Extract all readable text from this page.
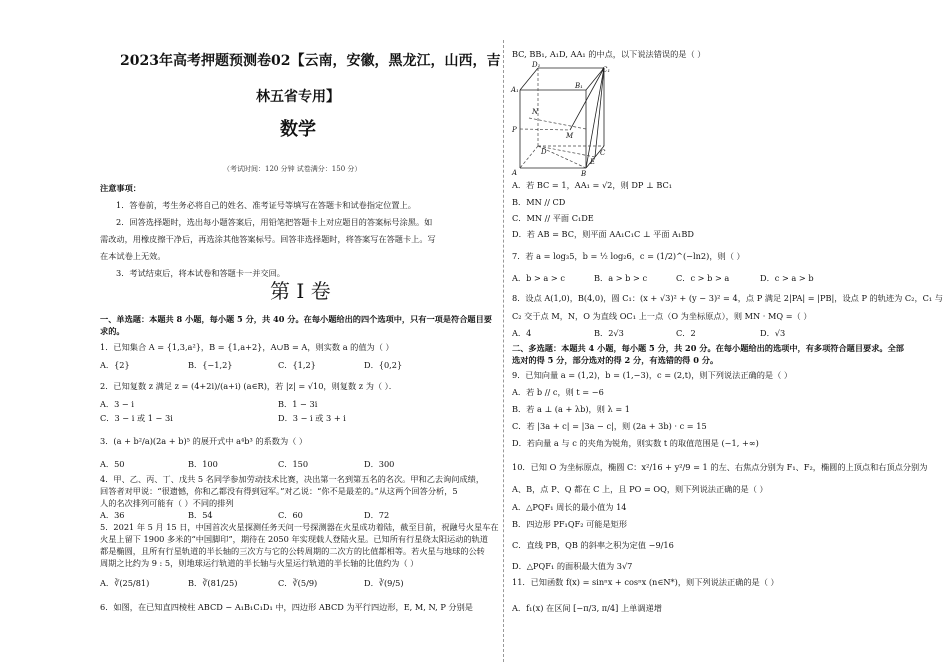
2023年高考押题预测卷02【云南，安徽，黑龙江，山西，吉
林五省专用】
数学
（考试时间：120 分钟 试卷满分：150 分）
注意事项：
1．答卷前，考生务必将自己的姓名、准考证号等填写在答题卡和试卷指定位置上。
2．回答选择题时，选出每小题答案后，用铅笔把答题卡上对应题目的答案标号涂黑。如
需改动，用橡皮擦干净后，再选涂其他答案标号。回答非选择题时，将答案写在答题卡上。写
在本试卷上无效。
3．考试结束后，将本试卷和答题卡一并交回。
第 I 卷
一、单选题：本题共 8 小题，每小题 5 分，共 40 分。在每小题给出的四个选项中，只有一项是符合题目要
求的。
1．已知集合 A = {1,3,a²}，B = {1,a+2}，A∪B = A，则实数 a 的值为（ ）
A．{2}	B．{−1,2}	C．{1,2}	D．{0,2}
2．已知复数 z 满足 z = (4+2i)/(a+i) (a∈R)，若 |z| = √10，则复数 z 为（ ）．
A．3 − i	B．1 − 3i
C．3 − i 或 1 − 3i	D．3 − i 或 3 + i
3．(a + b²/a)(2a + b)⁵ 的展开式中 a⁴b³ 的系数为（ ）
A．50	B．100	C．150	D．300
4．甲、乙、丙、丁、戊共 5 名同学参加劳动技术比赛，决出第一名到第五名的名次。甲和乙去询问成绩，
回答者对甲说：“很遗憾，你和乙都没有得到冠军。”对乙说：“你不是最差的。”从这两个回答分析，5
人的名次排列可能有（ ）不同的排列
A．36	B．54	C．60	D．72
5．2021 年 5 月 15 日，中国首次火星探测任务天问一号探测器在火星成功着陆，截至目前，祝融号火星车在
火星上留下 1900 多米的“中国脚印”，期待在 2050 年实现载人登陆火星。已知所有行星绕太阳运动的轨道
都是椭圆，且所有行星轨道的半长轴的三次方与它的公转周期的二次方的比值都相等。若火星与地球的公转
周期之比约为 9 : 5，则地球运行轨道的半长轴与火星运行轨道的半长轴的比值约为（ ）
A．∛(25/81)	B．∛(81/25)	C．∛(5/9)	D．∛(9/5)
6．如图，在已知直四棱柱 ABCD − A₁B₁C₁D₁ 中，四边形 ABCD 为平行四边形，E, M, N, P 分别是
BC, BB₁, A₁D, AA₁ 的中点，以下说法错误的是（ ）
D₁
C₁
A₁	B₁
N
P
M
D	C
E
A	B
A．若 BC = 1，AA₁ = √2，则 DP ⊥ BC₁
B．MN // CD
C．MN // 平面 C₁DE
D．若 AB = BC，则平面 AA₁C₁C ⊥ 平面 A₁BD
7．若 a = log₃5，b = ½ log₂6，c = (1/2)^(−ln2)，则（ ）
A．b > a > c	B．a > b > c	C．c > b > a	D．c > a > b
8．设点 A(1,0)，B(4,0)，圆 C₁：(x + √3)² + (y − 3)² = 4，点 P 满足 2|PA| = |PB|，设点 P 的轨迹为 C₂，C₁ 与
C₂ 交于点 M，N，O 为直线 OC₁ 上一点（O 为坐标原点），则 MN · MQ =（ ）
A．4	B．2√3	C．2	D．√3
二、多选题：本题共 4 小题，每小题 5 分，共 20 分。在每小题给出的选项中，有多项符合题目要求。全部
选对的得 5 分，部分选对的得 2 分，有选错的得 0 分。
9．已知向量 a = (1,2)，b = (1,−3)，c = (2,t)，则下列说法正确的是（ ）
A．若 b // c，则 t = −6
B．若 a ⊥ (a + λb)，则 λ = 1
C．若 |3a + c| = |3a − c|，则 (2a + 3b) · c = 15
D．若向量 a 与 c 的夹角为锐角，则实数 t 的取值范围是 (−1, +∞)
10．已知 O 为坐标原点，椭圆 C：x²/16 + y²/9 = 1 的左、右焦点分别为 F₁、F₂，椭圆的上顶点和右顶点分别为
A、B，点 P、Q 都在 C 上，且 PO = OQ，则下列说法正确的是（ ）
A．△PQF₁ 周长的最小值为 14
B．四边形 PF₁QF₂ 可能是矩形
C．直线 PB，QB 的斜率之积为定值 −9/16
D．△PQF₁ 的面积最大值为 3√7
11．已知函数 f(x) = sinⁿx + cosⁿx (n∈N*)，则下列说法正确的是（ ）
A．f₁(x) 在区间 [−π/3, π/4] 上单调递增
